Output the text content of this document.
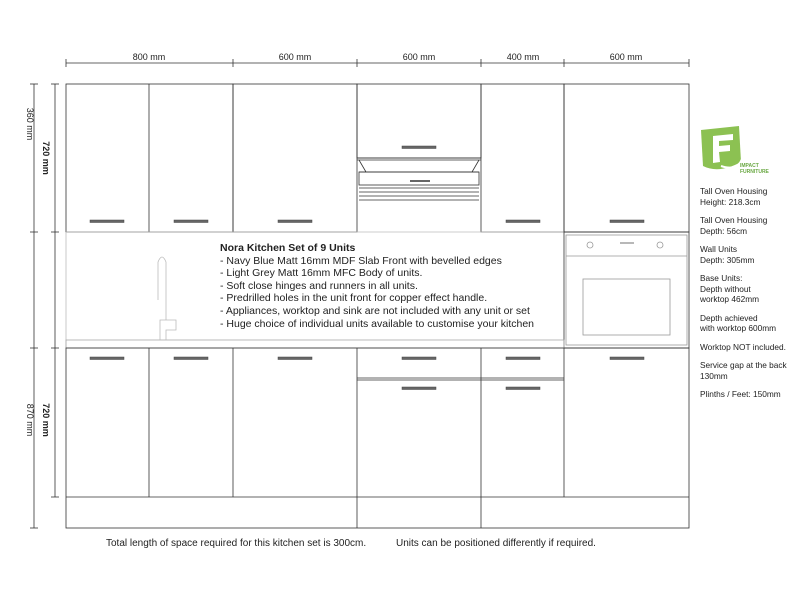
800 mm	600 mm	600 mm	400 mm	600 mm
360 mm
720 mm
870 mm 720 mm
Nora Kitchen Set of 9 Units
- Navy Blue Matt 16mm MDF Slab Front with bevelled edges
- Light Grey Matt 16mm MFC Body of units.
- Soft close hinges and runners in all units.
- Predrilled holes in the unit front for copper effect handle.
- Appliances, worktop and sink are not included with any unit or set
- Huge choice of individual units available to customise your kitchen
IMPACT
FURNITURE
Tall Oven Housing
Height: 218.3cm
Tall Oven Housing
Depth: 56cm
Wall Units
Depth: 305mm
Base Units:
Depth without
worktop 462mm
Depth achieved
with worktop 600mm
Worktop NOT included.
Service gap at the back
130mm
Plinths / Feet: 150mm
Total length of space required for this kitchen set is 300cm.	Units can be positioned differently if required.
